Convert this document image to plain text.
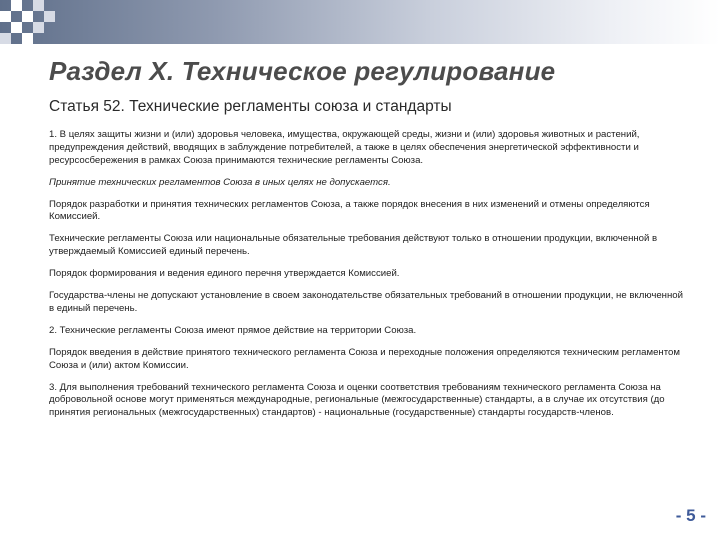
Раздел X. Техническое регулирование
Статья 52. Технические регламенты союза и стандарты

1. В целях защиты жизни и (или) здоровья человека, имущества, окружающей среды, жизни и (или) здоровья животных и растений, предупреждения действий, вводящих в заблуждение потребителей, а также в целях обеспечения энергетической эффективности и ресурсосбережения в рамках Союза принимаются технические регламенты Союза.

Принятие технических регламентов Союза в иных целях не допускается.

Порядок разработки и принятия технических регламентов Союза, а также порядок внесения в них изменений и отмены определяются Комиссией.

Технические регламенты Союза или национальные обязательные требования действуют только в отношении продукции, включенной в утверждаемый Комиссией единый перечень.

Порядок формирования и ведения единого перечня утверждается Комиссией.

Государства-члены не допускают установление в своем законодательстве обязательных требований в отношении продукции, не включенной в единый перечень.

2. Технические регламенты Союза имеют прямое действие на территории Союза.

Порядок введения в действие принятого технического регламента Союза и переходные положения определяются техническим регламентом Союза и (или) актом Комиссии.

3. Для выполнения требований технического регламента Союза и оценки соответствия требованиям технического регламента Союза на добровольной основе могут применяться международные, региональные (межгосударственные) стандарты, а в случае их отсутствия (до принятия региональных (межгосударственных) стандартов) - национальные (государственные) стандарты государств-членов.

- 5 -
